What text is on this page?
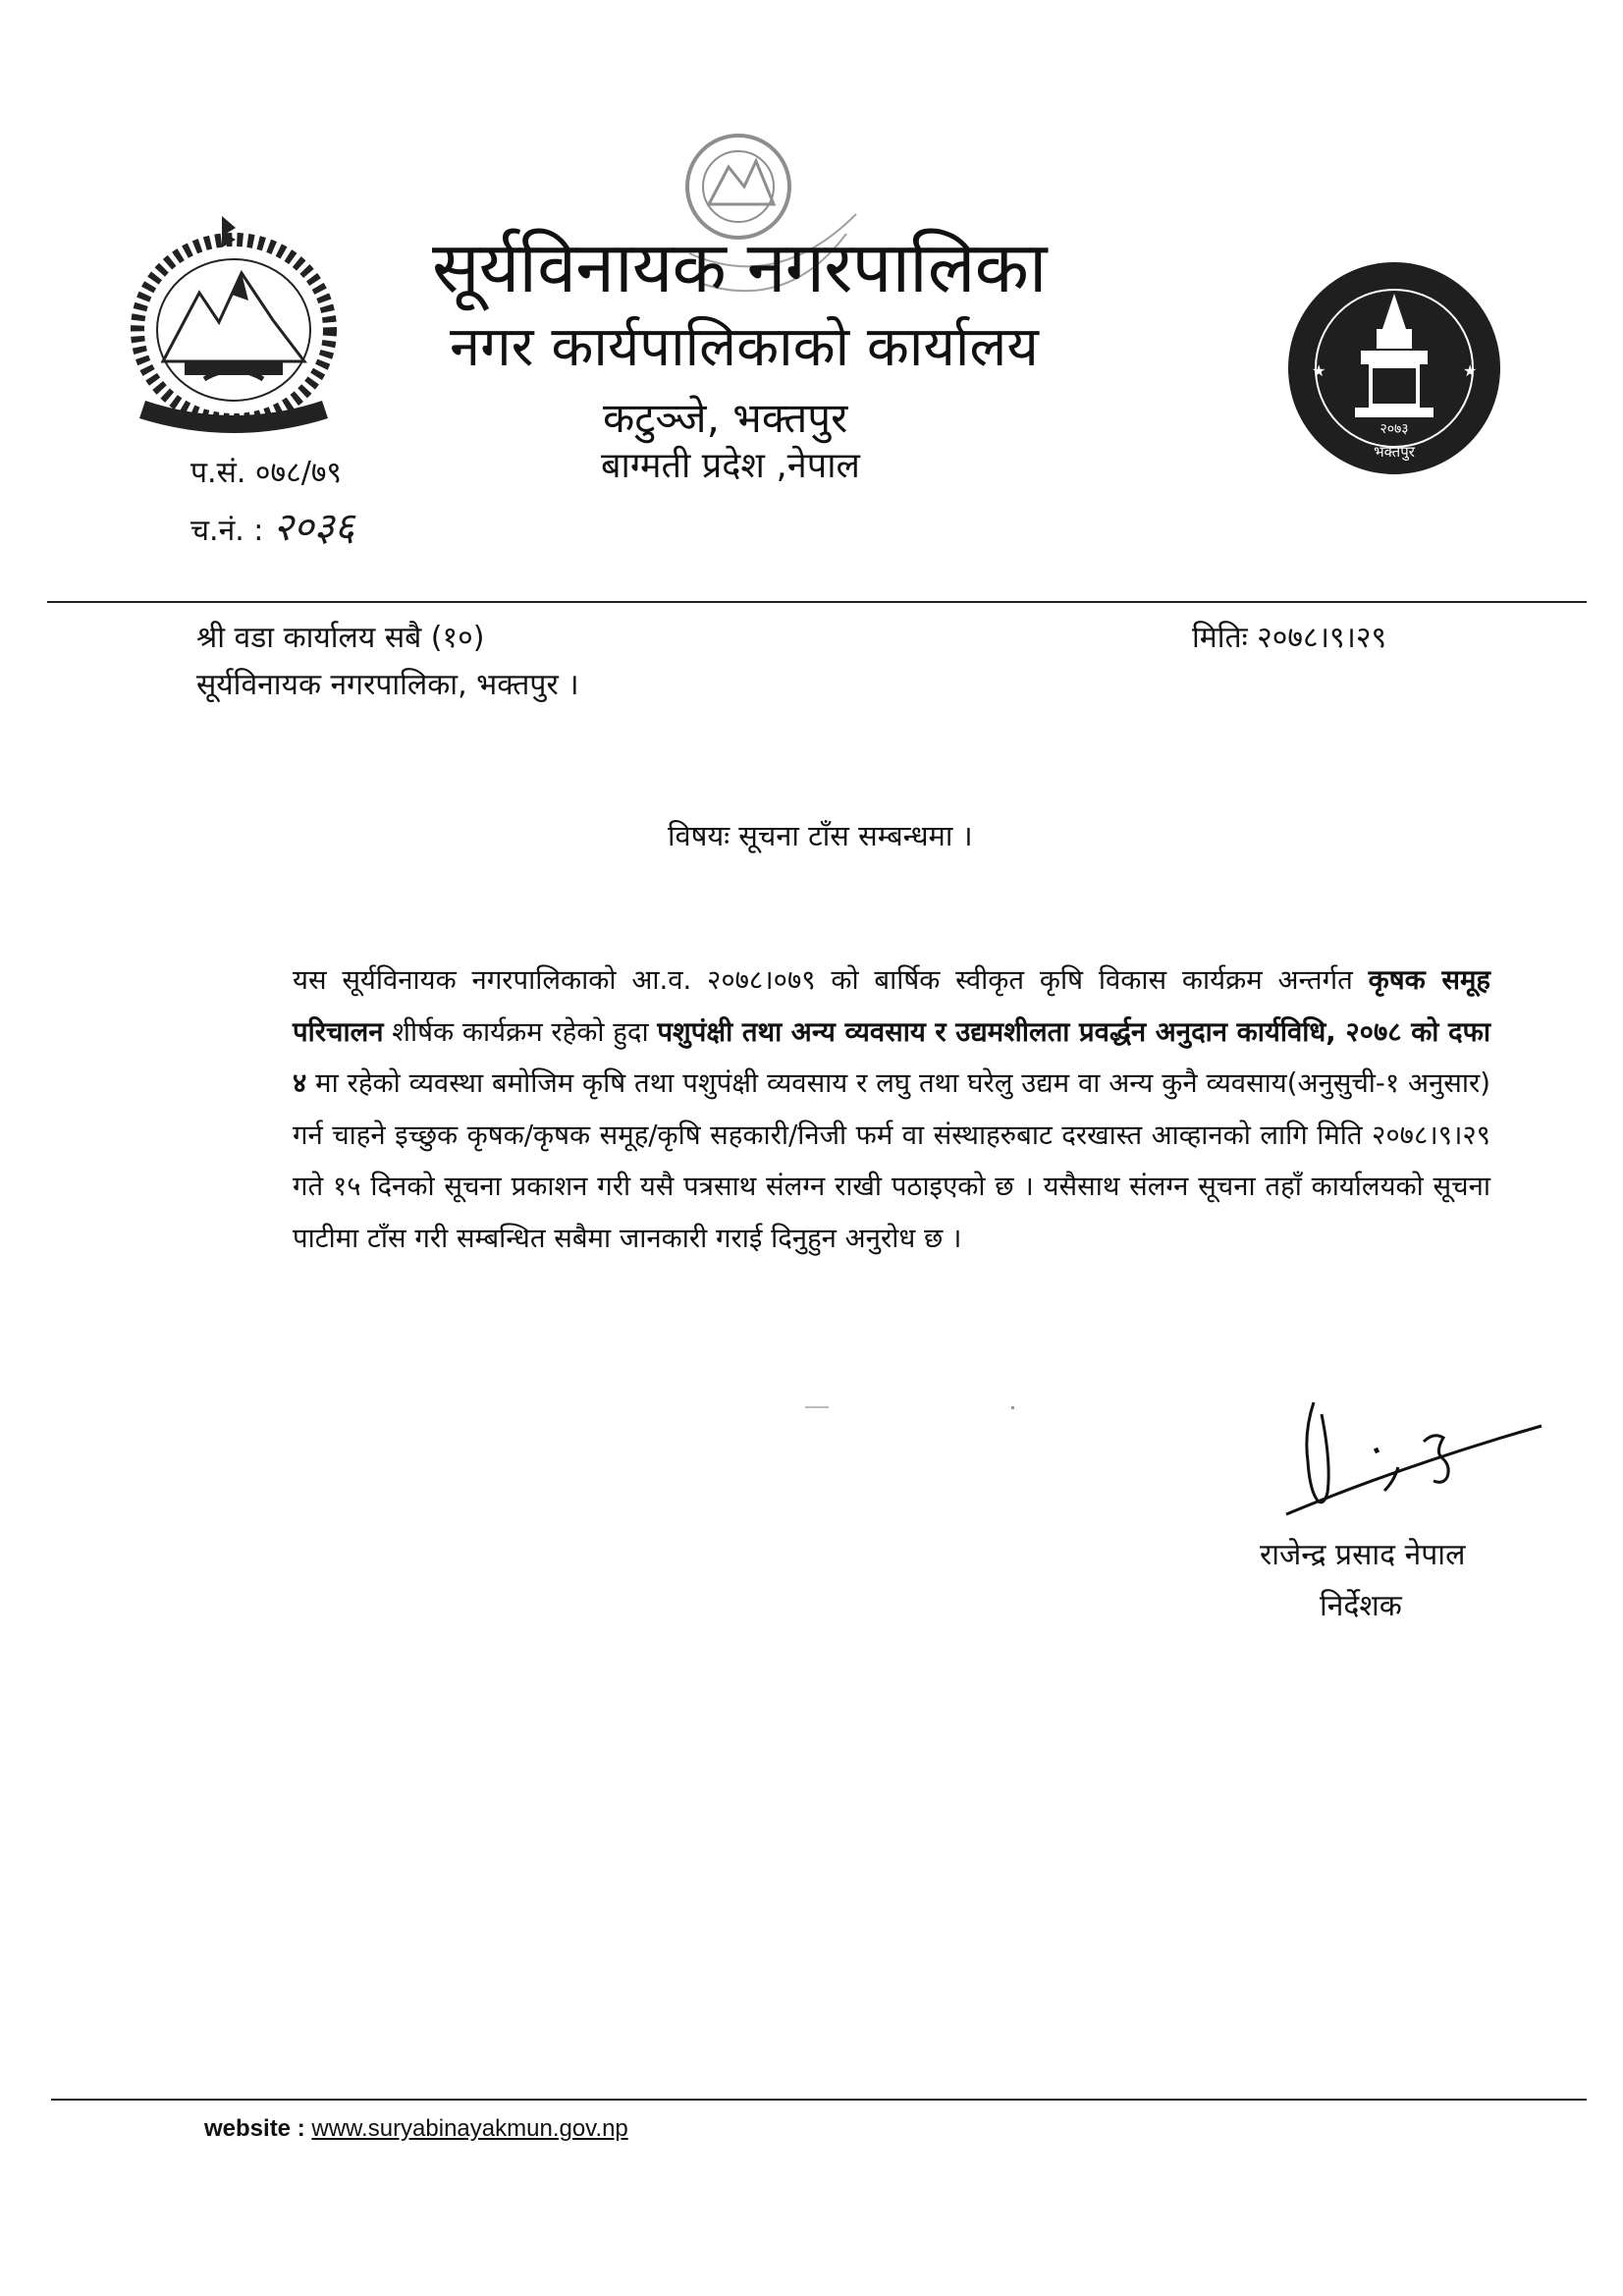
★	★
२०७३
भक्तपुर
सूर्यविनायक नगरपालिका
नगर कार्यपालिकाको कार्यालय
कटुञ्जे, भक्तपुर
बाग्मती प्रदेश ,नेपाल
प.सं. ०७८/७९
च.नं. : २०३६
श्री वडा कार्यालय सबै (१०)
सूर्यविनायक नगरपालिका, भक्तपुर ।
मितिः २०७८।९।२९
विषयः सूचना टाँस सम्बन्धमा ।
यस सूर्यविनायक नगरपालिकाको आ.व. २०७८।०७९ को बार्षिक स्वीकृत कृषि विकास कार्यक्रम अन्तर्गत कृषक समूह परिचालन शीर्षक कार्यक्रम रहेको हुदा पशुपंक्षी तथा अन्य व्यवसाय र उद्यमशीलता प्रवर्द्धन अनुदान कार्यविधि, २०७८ को दफा ४ मा रहेको व्यवस्था बमोजिम कृषि तथा पशुपंक्षी व्यवसाय र लघु तथा घरेलु उद्यम वा अन्य कुनै व्यवसाय(अनुसुची-१ अनुसार) गर्न चाहने इच्छुक कृषक/कृषक समूह/कृषि सहकारी/निजी फर्म वा संस्थाहरुबाट दरखास्त आव्हानको लागि मिति २०७८।९।२९ गते १५ दिनको सूचना प्रकाशन गरी यसै पत्रसाथ संलग्न राखी पठाइएको छ । यसैसाथ संलग्न सूचना तहाँ कार्यालयको सूचना पाटीमा टाँस गरी सम्बन्धित सबैमा जानकारी गराई दिनुहुन अनुरोध छ ।
राजेन्द्र प्रसाद नेपाल
निर्देशक
website : www.suryabinayakmun.gov.np
